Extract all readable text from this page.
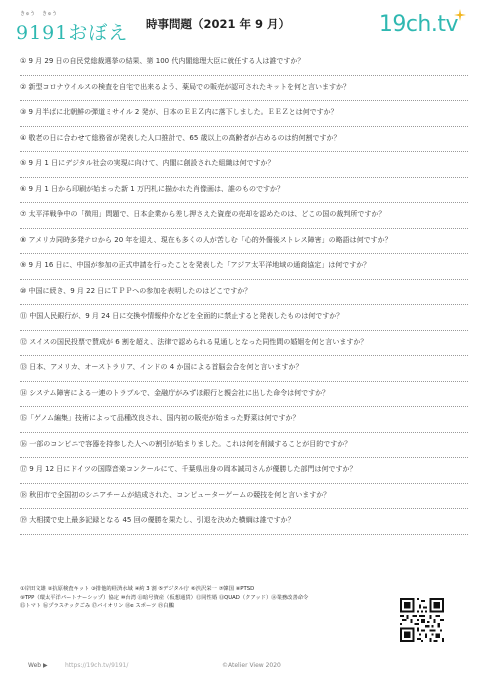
きゅう きゅう
9191おぼえ 時事問題（2021 年 9 月）	19ch.tv
① 9 月 29 日の自民党総裁選挙の結果、第 100 代内閣総理大臣に就任する人は誰ですか？
② 新型コロナウイルスの検査を自宅で出来るよう、薬局での販売が認可されたキットを何と言いますか？
③ 9 月半ばに北朝鮮の弾道ミサイル 2 発が、日本のＥＥＺ内に落下しました。ＥＥＺとは何ですか？
④ 敬老の日に合わせて総務省が発表した人口推計で、65 歳以上の高齢者が占めるのは約何割ですか？
⑤ 9 月 1 日にデジタル社会の実現に向けて、内閣に創設された組織は何ですか？
⑥ 9 月 1 日から印刷が始まった新 1 万円札に描かれた肖像画は、誰のものですか？
⑦ 太平洋戦争中の「徴用」問題で、日本企業から差し押さえた資産の売却を認めたのは、どこの国の裁判所ですか？
⑧ アメリカ同時多発テロから 20 年を迎え、現在も多くの人が苦しむ「心的外傷後ストレス障害」の略語は何ですか？
⑨ 9 月 16 日に、中国が参加の正式申請を行ったことを発表した「アジア太平洋地域の通商協定」は何ですか？
⑩ 中国に続き、9 月 22 日にＴＰＰへの参加を表明したのはどこですか？
⑪ 中国人民銀行が、9 月 24 日に交換や情報仲介などを全面的に禁止すると発表したものは何ですか？
⑫ スイスの国民投票で賛成が 6 割を超え、法律で認められる見通しとなった同性間の婚姻を何と言いますか？
⑬ 日本、アメリカ、オーストラリア、インドの 4 か国による首脳会合を何と言いますか？
⑭ システム障害による一連のトラブルで、金融庁がみずほ銀行と親会社に出した命令は何ですか？
⑮「ゲノム編集」技術によって品種改良され、国内初の販売が始まった野菜は何ですか？
⑯ 一部のコンビニで容器を持参した人への割引が始まりました。これは何を削減することが目的ですか？
⑰ 9 月 12 日にドイツの国際音楽コンクールにて、千葉県出身の岡本誠司さんが優勝した部門は何ですか？
⑱ 秋田市で全国初のシニアチームが結成された、コンピューターゲームの競技を何と言いますか？
⑲ 大相撲で史上最多記録となる 45 回の優勝を果たし、引退を決めた横綱は誰ですか？
①岸田文雄 ②抗原検査キット ③排他的経済水域 ④約 3 割 ⑤デジタル庁 ⑥渋沢栄一 ⑦韓国 ⑧PTSD
⑨TPP（環太平洋パートナーシップ）協定 ⑩台湾 ⑪暗号資産（仮想通貨）⑫同性婚 ⑬QUAD（クアッド）⑭業務改善命令
⑮トマト ⑯プラスチックごみ ⑰バイオリン ⑱e スポーツ ⑲白鵬
Web ▶	https://19ch.tv/9191/	©Atelier View 2020
